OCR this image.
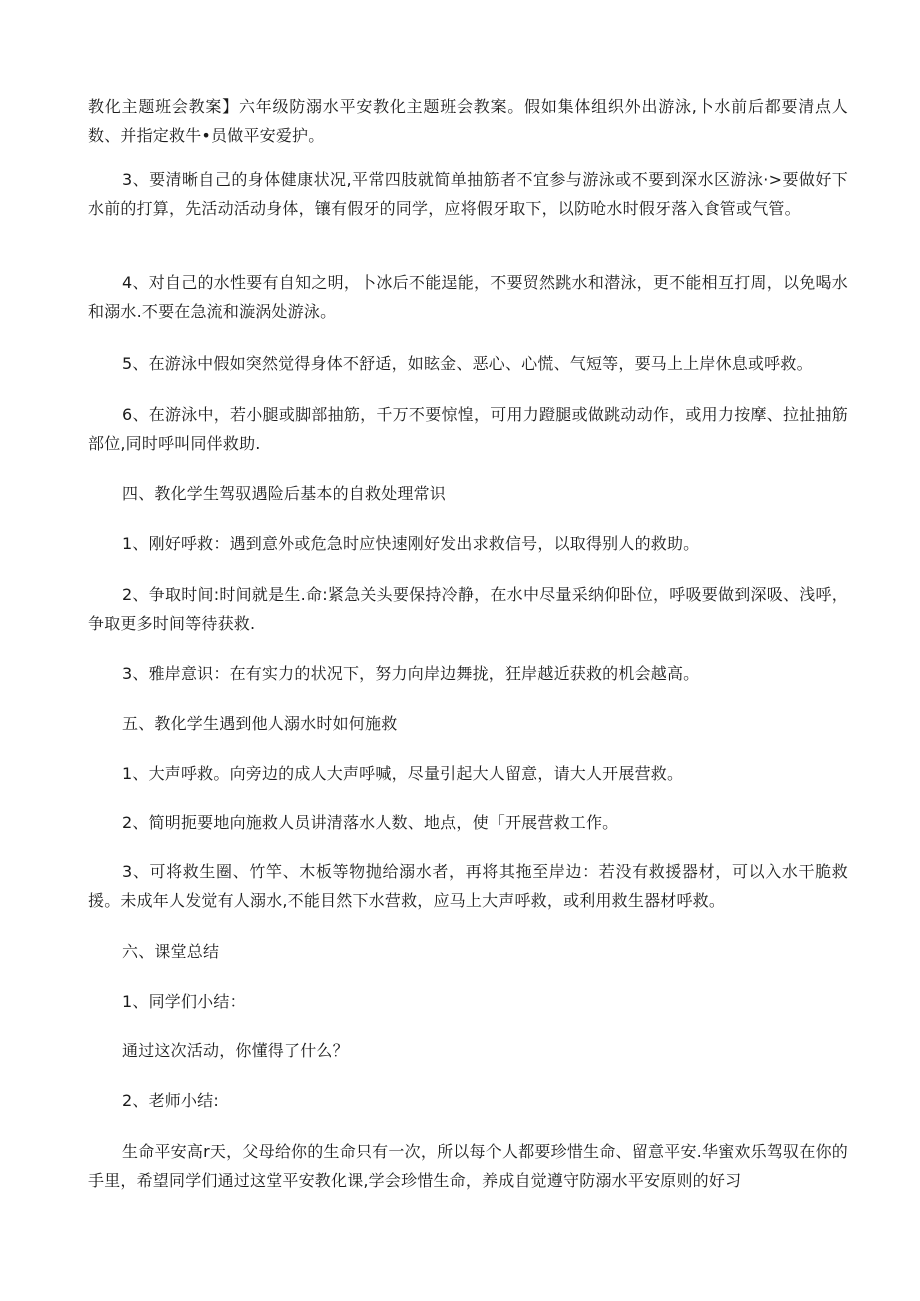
教化主题班会教案】六年级防溺水平安教化主题班会教案。假如集体组织外出游泳,卜水前后都要清点人数、并指定救牛•员做平安爱护。

3、要清晰自己的身体健康状况,平常四肢就简单抽筋者不宜参与游泳或不要到深水区游泳·>要做好下水前的打算，先活动活动身体，镶有假牙的同学，应将假牙取下，以防呛水时假牙落入食管或气管。

4、对自己的水性要有自知之明，卜冰后不能逞能，不要贸然跳水和潜泳，更不能相互打周，以免喝水和溺水.不要在急流和漩涡处游泳。

5、在游泳中假如突然觉得身体不舒适，如眩金、恶心、心慌、气短等，要马上上岸休息或呼救。

6、在游泳中，若小腿或脚部抽筋，千万不要惊惶，可用力蹬腿或做跳动动作，或用力按摩、拉扯抽筋部位,同时呼叫同伴救助.

四、教化学生驾驭遇险后基本的自救处理常识

1、刚好呼救：遇到意外或危急时应快速刚好发出求救信号，以取得别人的救助。

2、争取时间:时间就是生.命:紧急关头要保持冷静，在水中尽量采纳仰卧位，呼吸要做到深吸、浅呼，争取更多时间等待获救.

3、雅岸意识：在有实力的状况下，努力向岸边舞拢，狂岸越近获救的机会越高。

五、教化学生遇到他人溺水时如何施救

1、大声呼救。向旁边的成人大声呼喊，尽量引起大人留意，请大人开展营救。

2、简明扼要地向施救人员讲清落水人数、地点，使「开展营救工作。

3、可将救生圈、竹竿、木板等物抛给溺水者，再将其拖至岸边：若没有救援器材，可以入水干脆救援。未成年人发觉有人溺水,不能目然下水营救，应马上大声呼救，或利用救生器材呼救。

六、课堂总结

1、同学们小结：

通过这次活动，你懂得了什么？

2、老师小结:

生命平安高r天，父母给你的生命只有一次，所以每个人都要珍惜生命、留意平安.华蜜欢乐驾驭在你的手里，希望同学们通过这堂平安教化课,学会珍惜生命，养成自觉遵守防溺水平安原则的好习
